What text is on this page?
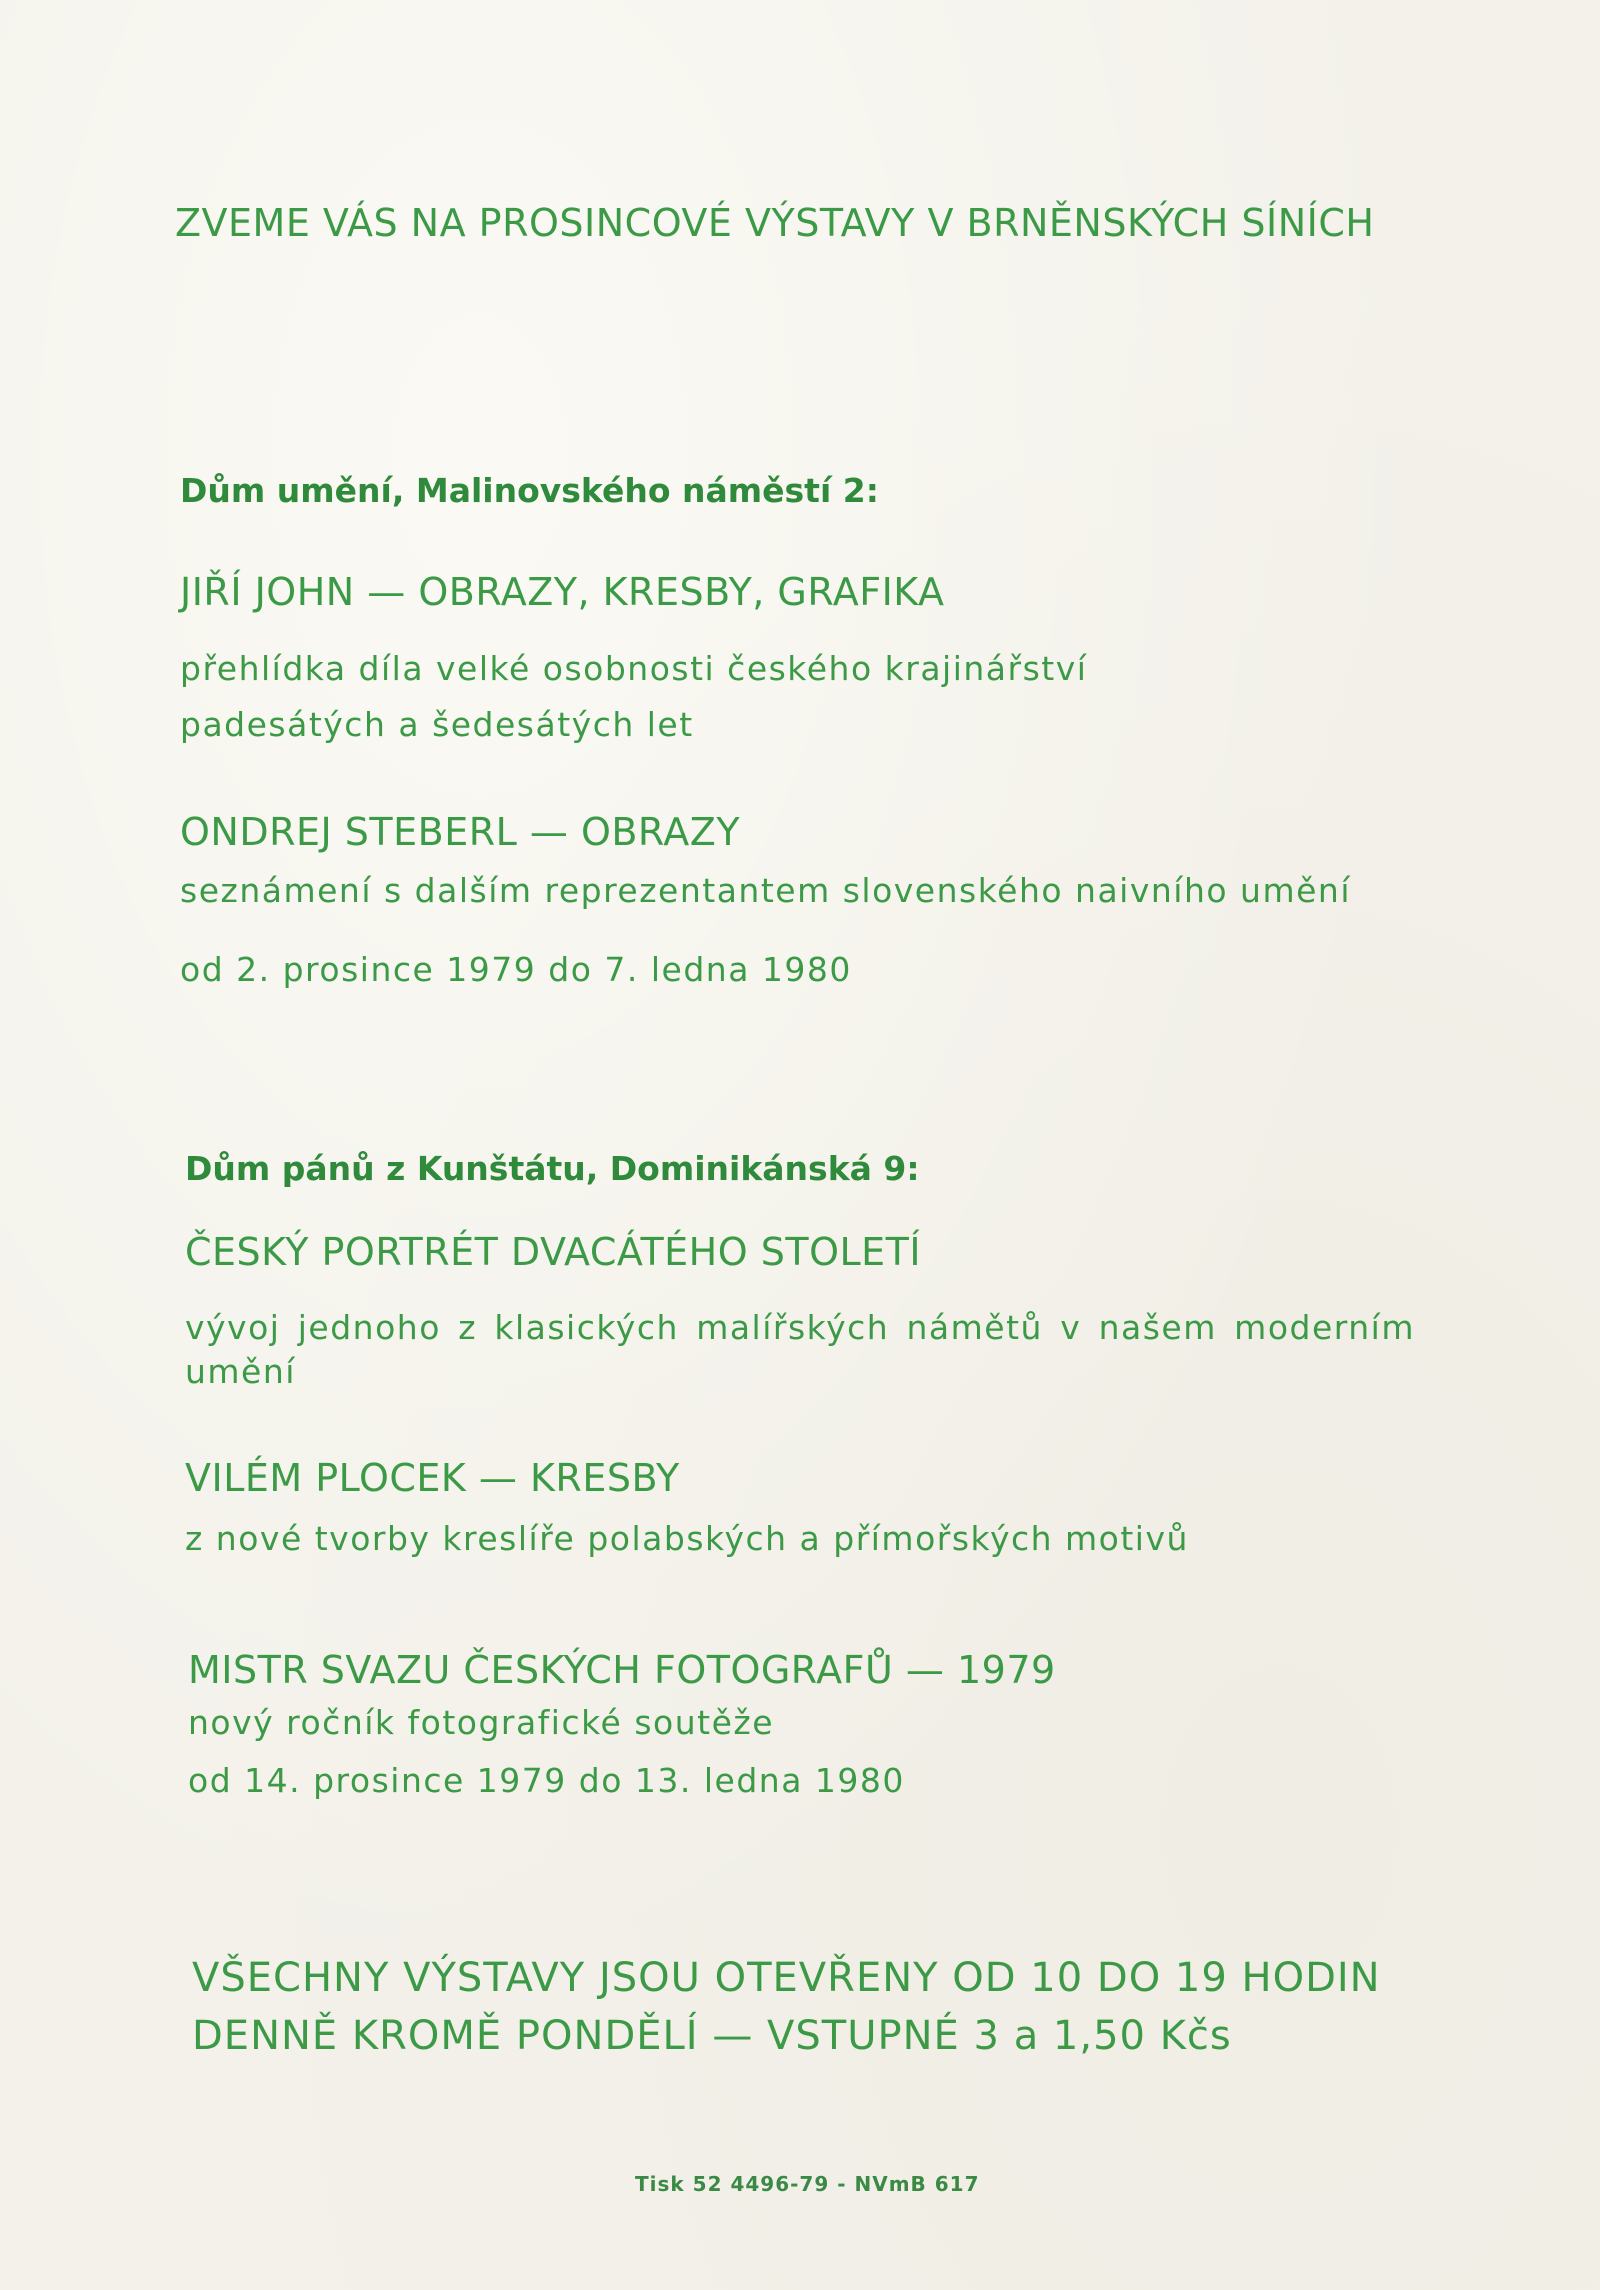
ZVEME VÁS NA PROSINCOVÉ VÝSTAVY V BRNĚNSKÝCH SÍNÍCH
Dům umění, Malinovského náměstí 2:

JIŘÍ JOHN — OBRAZY, KRESBY, GRAFIKA

přehlídka díla velké osobnosti českého krajinářství

padesátých a šedesátých let

ONDREJ STEBERL — OBRAZY

seznámení s dalším reprezentantem slovenského naivního umění

od 2. prosince 1979 do 7. ledna 1980

Dům pánů z Kunštátu, Dominikánská 9:

ČESKÝ PORTRÉT DVACÁTÉHO STOLETÍ

vývoj jednoho z klasických malířských námětů v našem moderním umění

VILÉM PLOCEK — KRESBY

z nové tvorby kreslíře polabských a přímořských motivů

MISTR SVAZU ČESKÝCH FOTOGRAFŮ — 1979

nový ročník fotografické soutěže

od 14. prosince 1979 do 13. ledna 1980

VŠECHNY VÝSTAVY JSOU OTEVŘENY OD 10 DO 19 HODIN

DENNĚ KROMĚ PONDĚLÍ — VSTUPNÉ 3 a 1,50 Kčs

Tisk 52 4496-79 - NVmB 617
